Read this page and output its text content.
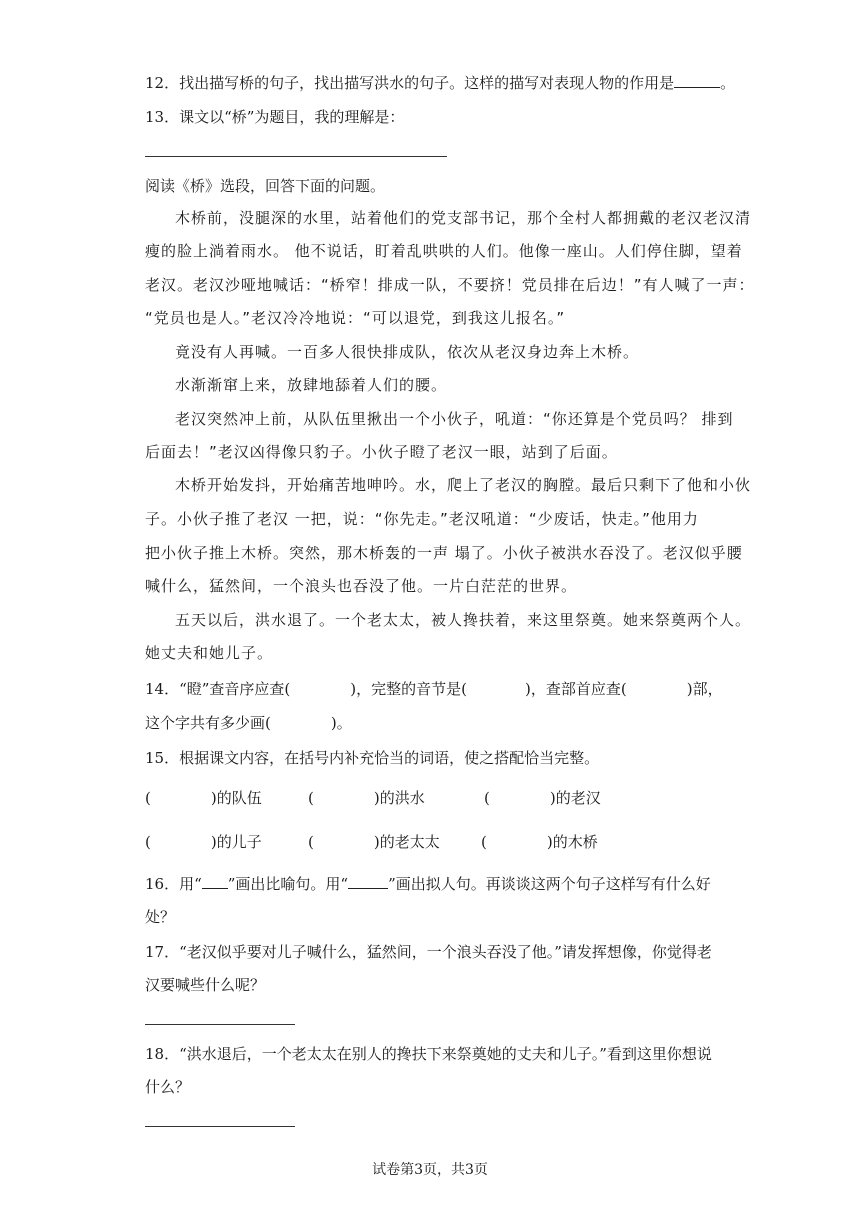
12．找出描写桥的句子，找出描写洪水的句子。这样的描写对表现人物的作用是	。
13．课文以“桥”为题目，我的理解是：
阅读《桥》选段，回答下面的问题。
木桥前，没腿深的水里，站着他们的党支部书记，那个全村人都拥戴的老汉老汉清
瘦的脸上淌着雨水。 他不说话，盯着乱哄哄的人们。他像一座山。人们停住脚，望着
老汉。老汉沙哑地喊话：“桥窄！排成一队，不要挤！党员排在后边！”有人喊了一声：
“党员也是人。”老汉冷冷地说：“可以退党，到我这儿报名。”
竟没有人再喊。一百多人很快排成队，依次从老汉身边奔上木桥。
水渐渐窜上来，放肆地舔着人们的腰。
老汉突然冲上前，从队伍里揪出一个小伙子，吼道：“你还算是个党员吗？ 排到
后面去！”老汉凶得像只豹子。小伙子瞪了老汉一眼，站到了后面。
木桥开始发抖，开始痛苦地呻吟。水，爬上了老汉的胸膛。最后只剩下了他和小伙
子。小伙子推了老汉 一把，说：“你先走。”老汉吼道：“少废话，快走。”他用力
把小伙子推上木桥。突然，那木桥轰的一声 塌了。小伙子被洪水吞没了。老汉似乎腰
喊什么，猛然间，一个浪头也吞没了他。一片白茫茫的世界。
五天以后，洪水退了。一个老太太，被人搀扶着，来这里祭奠。她来祭奠两个人。
她丈夫和她儿子。
14．“瞪”查音序应查(	)，完整的音节是(	)，查部首应查(	)部，
这个字共有多少画(	)。
15．根据课文内容，在括号内补充恰当的词语，使之搭配恰当完整。
(	)的队伍	(	)的洪水	(	)的老汉
(	)的儿子	(	)的老太太	(	)的木桥
16．用“ ”画出比喻句。用“	”画出拟人句。再谈谈这两个句子这样写有什么好
处？
17．“老汉似乎要对儿子喊什么，猛然间，一个浪头吞没了他。”请发挥想像，你觉得老
汉要喊些什么呢？
18．“洪水退后，一个老太太在别人的搀扶下来祭奠她的丈夫和儿子。”看到这里你想说
什么？
试卷第3页，共3页
